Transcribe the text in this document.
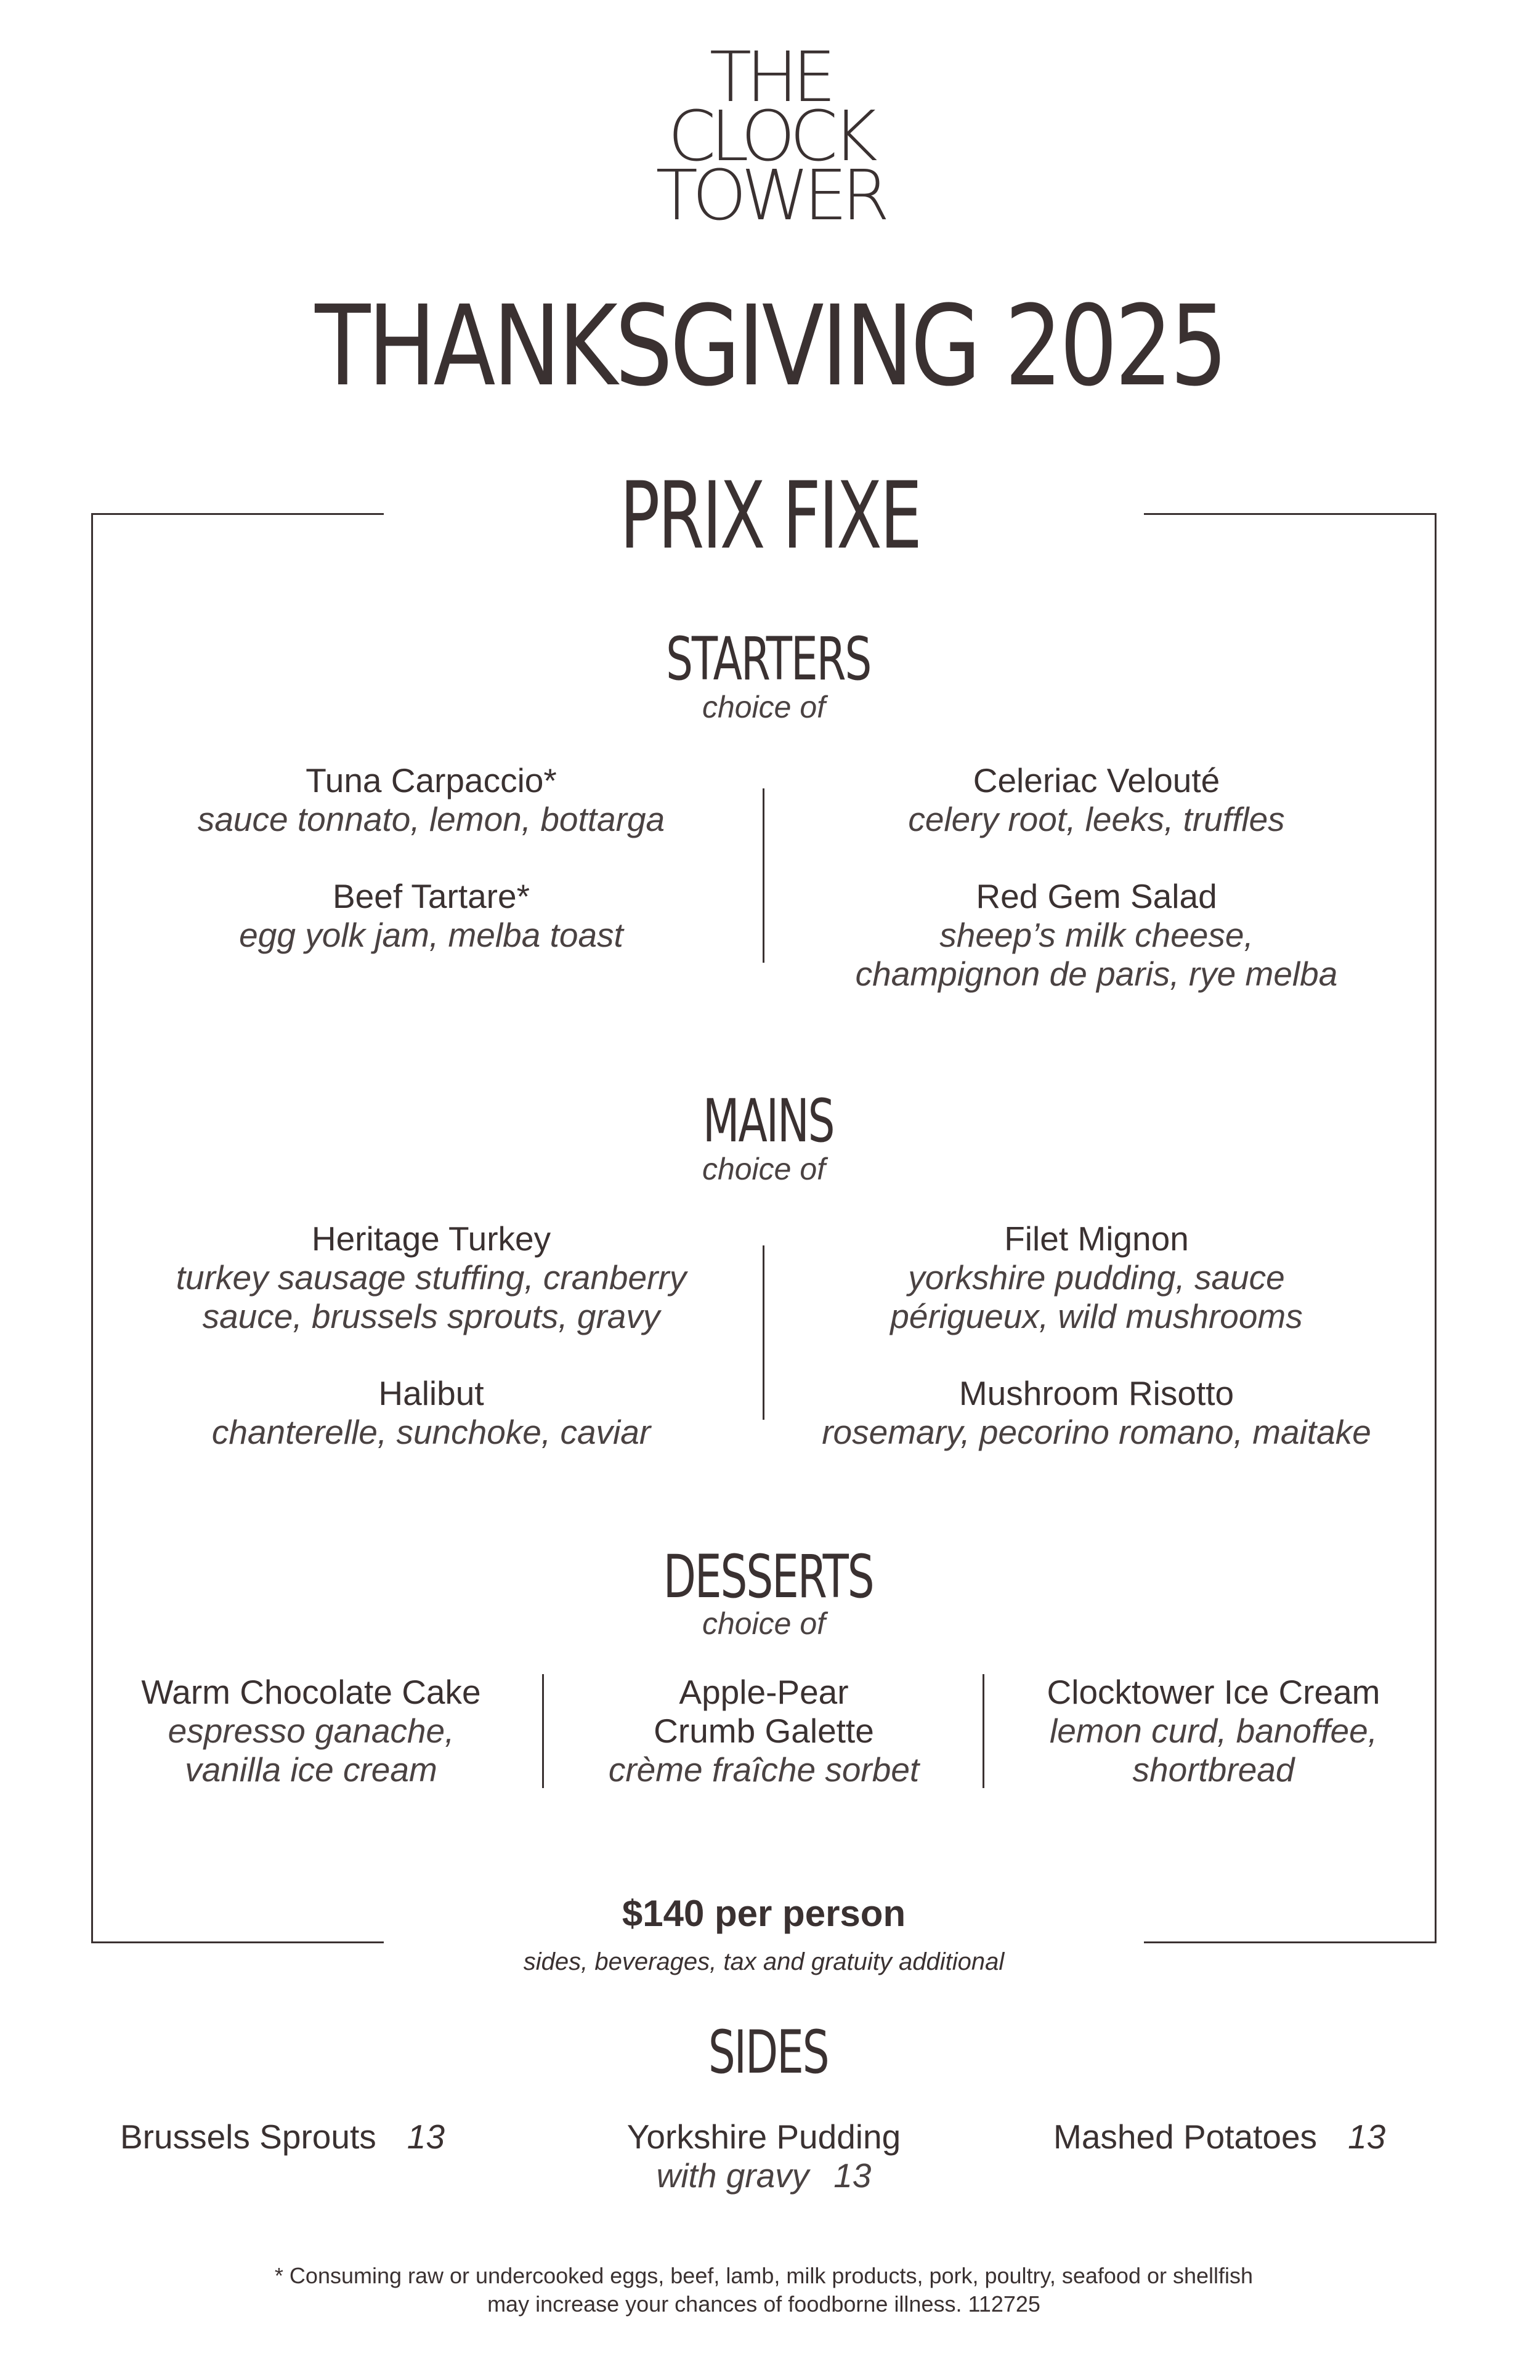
THE
CLOCK
TOWER
THANKSGIVING 2025
PRIX FIXE
STARTERS
choice of
Tuna Carpaccio*
sauce tonnato, lemon, bottarga
Beef Tartare*
egg yolk jam, melba toast
Celeriac Velouté
celery root, leeks, truffles
Red Gem Salad
sheep’s milk cheese,
champignon de paris, rye melba
MAINS
choice of
Heritage Turkey
turkey sausage stuffing, cranberry
sauce, brussels sprouts, gravy
Halibut
chanterelle, sunchoke, caviar
Filet Mignon
yorkshire pudding, sauce
périgueux, wild mushrooms
Mushroom Risotto
rosemary, pecorino romano, maitake
DESSERTS
choice of
Warm Chocolate Cake
espresso ganache,
vanilla ice cream
Apple-Pear
Crumb Galette
crème fraîche sorbet
Clocktower Ice Cream
lemon curd, banoffee,
shortbread
$140 per person
sides, beverages, tax and gratuity additional
SIDES
Brussels Sprouts 13	Yorkshire Pudding
with gravy 13
Mashed Potatoes 13
* Consuming raw or undercooked eggs, beef, lamb, milk products, pork, poultry, seafood or shellfish
may increase your chances of foodborne illness. 112725
